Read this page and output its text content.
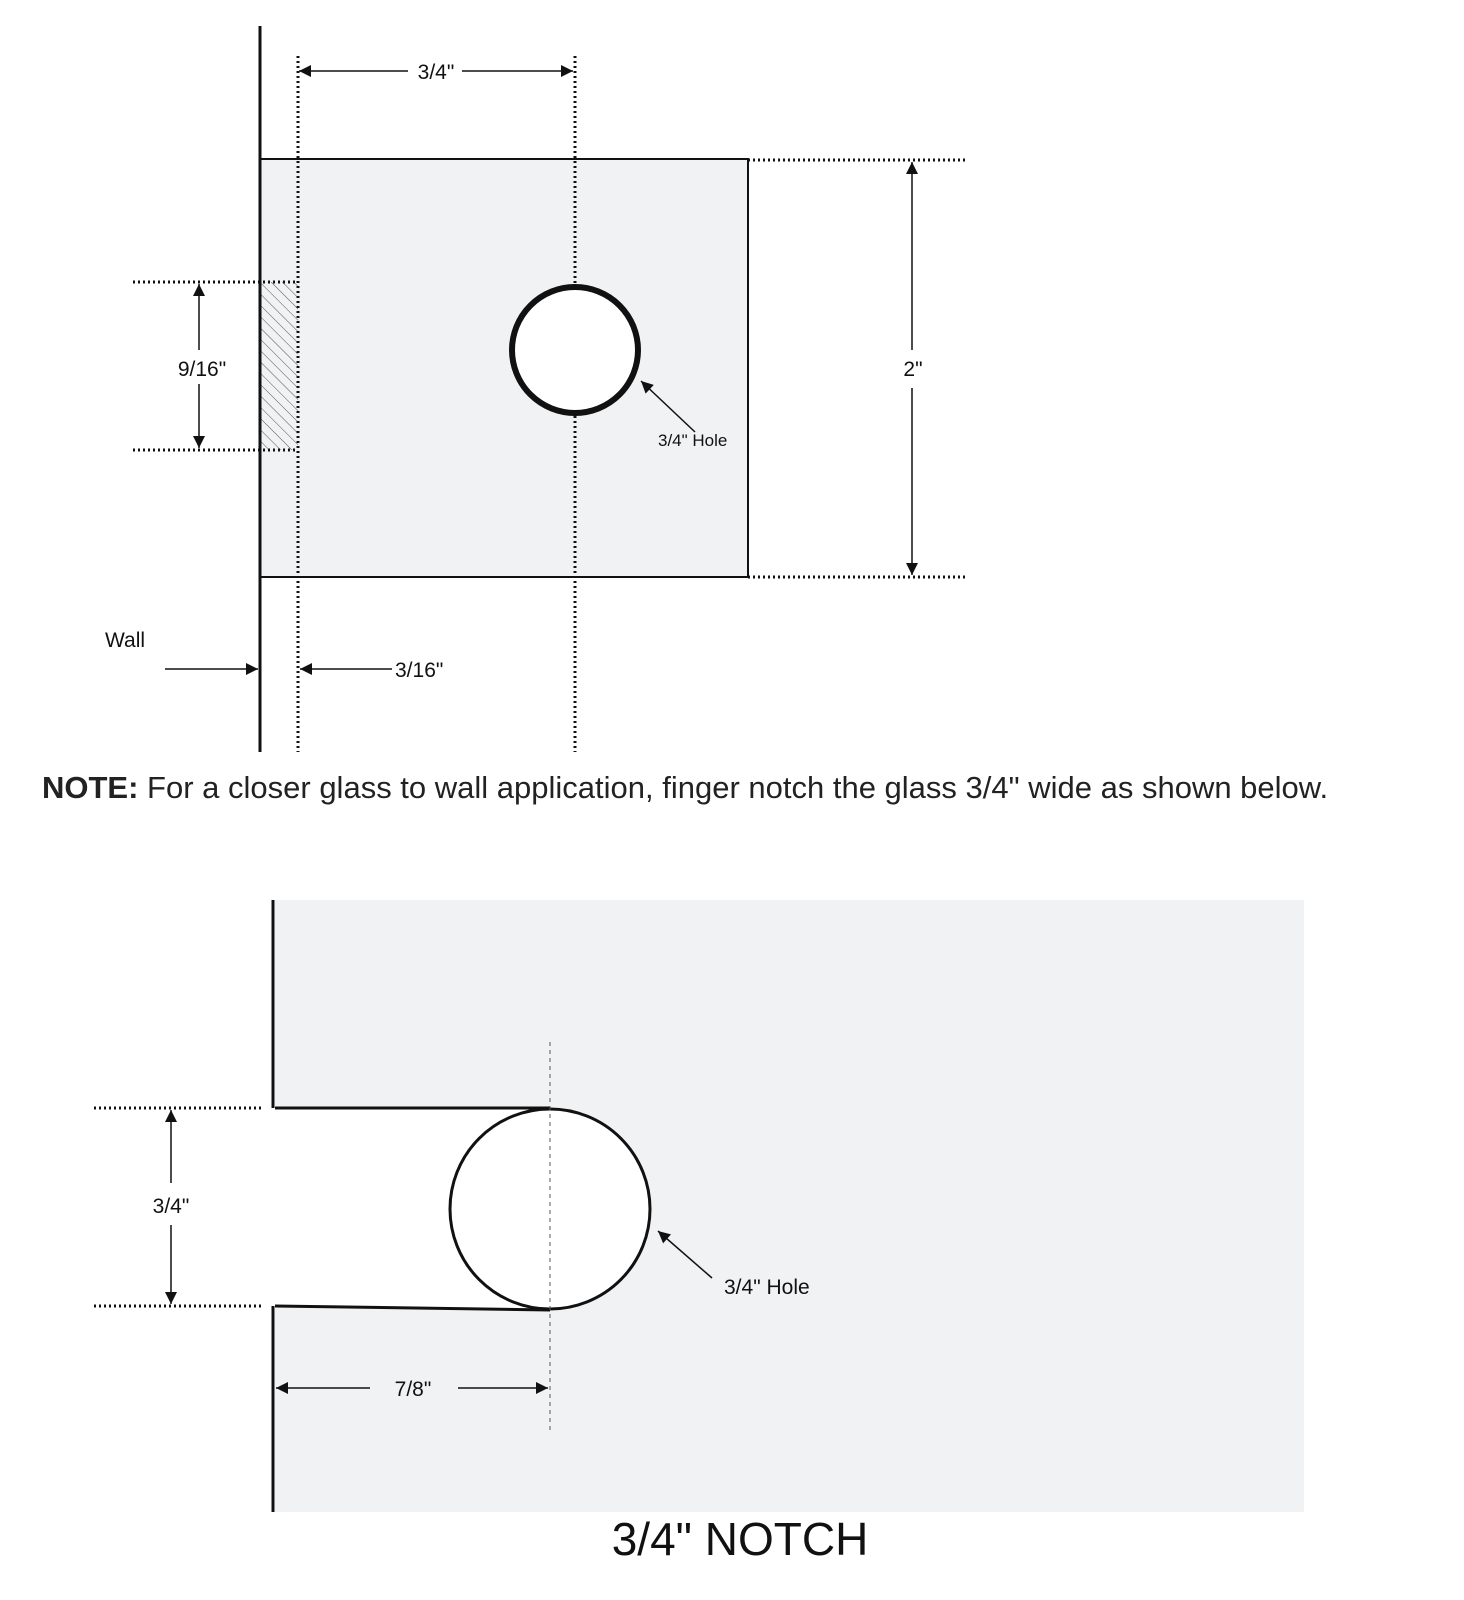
3/4"
2"
9/16"
3/4" Hole
Wall
3/16"
3/4"
7/8"
3/4" Hole
NOTE: For a closer glass to wall application, finger notch the glass 3/4" wide as shown below.
3/4" NOTCH
